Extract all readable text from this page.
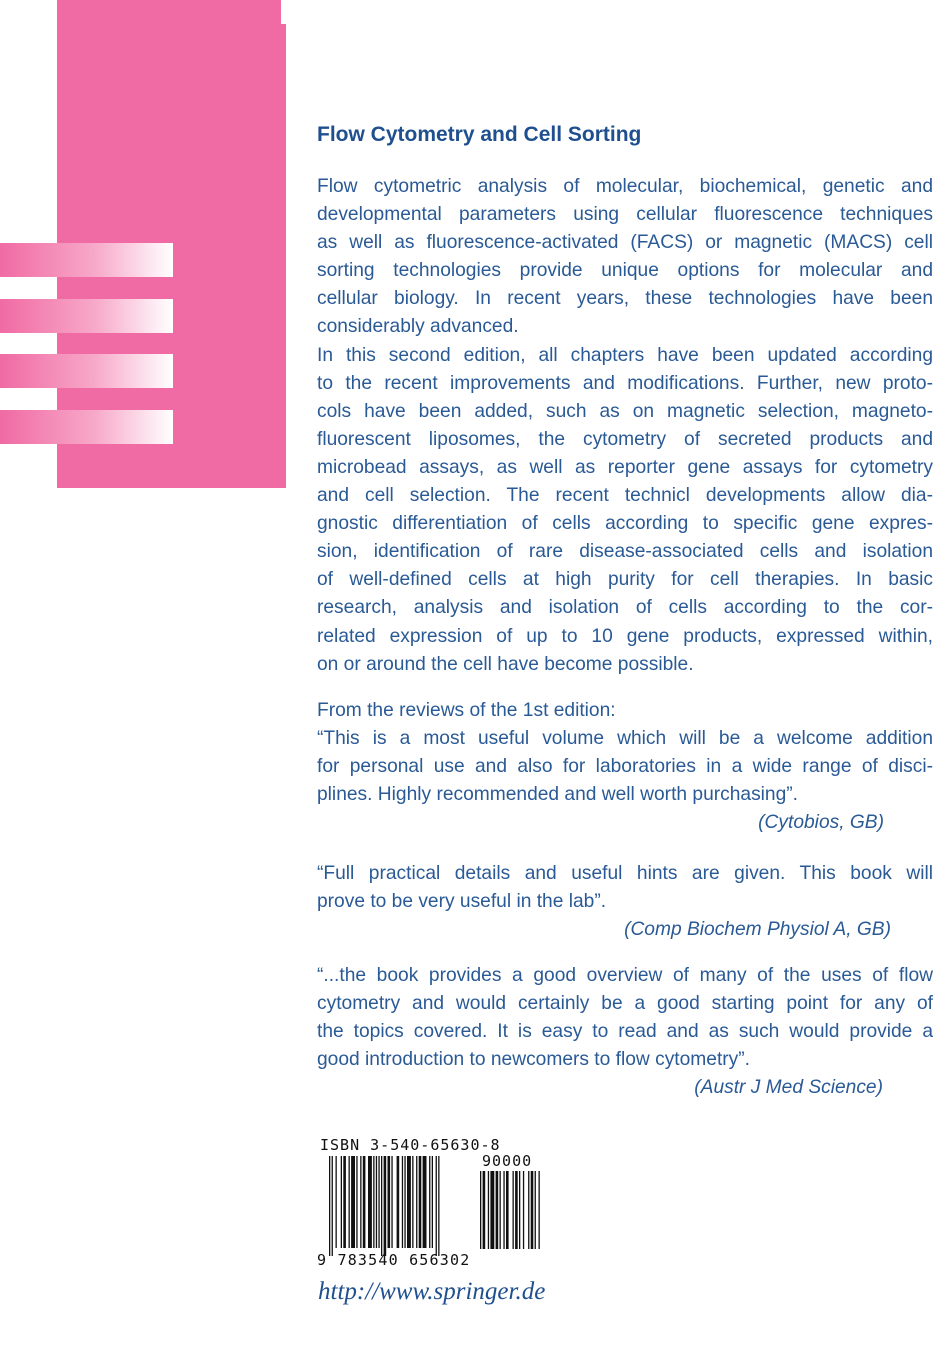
Flow Cytometry and Cell Sorting
Flow cytometric analysis of molecular, biochemical, genetic and
developmental parameters using cellular fluorescence techniques
as well as fluorescence-activated (FACS) or magnetic (MACS) cell
sorting technologies provide unique options for molecular and
cellular biology. In recent years, these technologies have been
considerably advanced.
In this second edition, all chapters have been updated according
to the recent improvements and modifications. Further, new proto-
cols have been added, such as on magnetic selection, magneto-
fluorescent liposomes, the cytometry of secreted products and
microbead assays, as well as reporter gene assays for cytometry
and cell selection. The recent technicl developments allow dia-
gnostic differentiation of cells according to specific gene expres-
sion, identification of rare disease-associated cells and isolation
of well-defined cells at high purity for cell therapies. In basic
research, analysis and isolation of cells according to the cor-
related expression of up to 10 gene products, expressed within,
on or around the cell have become possible.
From the reviews of the 1st edition:
“This is a most useful volume which will be a welcome addition
for personal use and also for laboratories in a wide range of disci-
plines. Highly recommended and well worth purchasing”.
(Cytobios, GB)
“Full practical details and useful hints are given. This book will
prove to be very useful in the lab”.
(Comp Biochem Physiol A, GB)
“...the book provides a good overview of many of the uses of flow
cytometry and would certainly be a good starting point for any of
the topics covered. It is easy to read and as such would provide a
good introduction to newcomers to flow cytometry”.
(Austr J Med Science)
ISBN 3-540-65630-8
90000
9 783540 656302
http://www.springer.de
